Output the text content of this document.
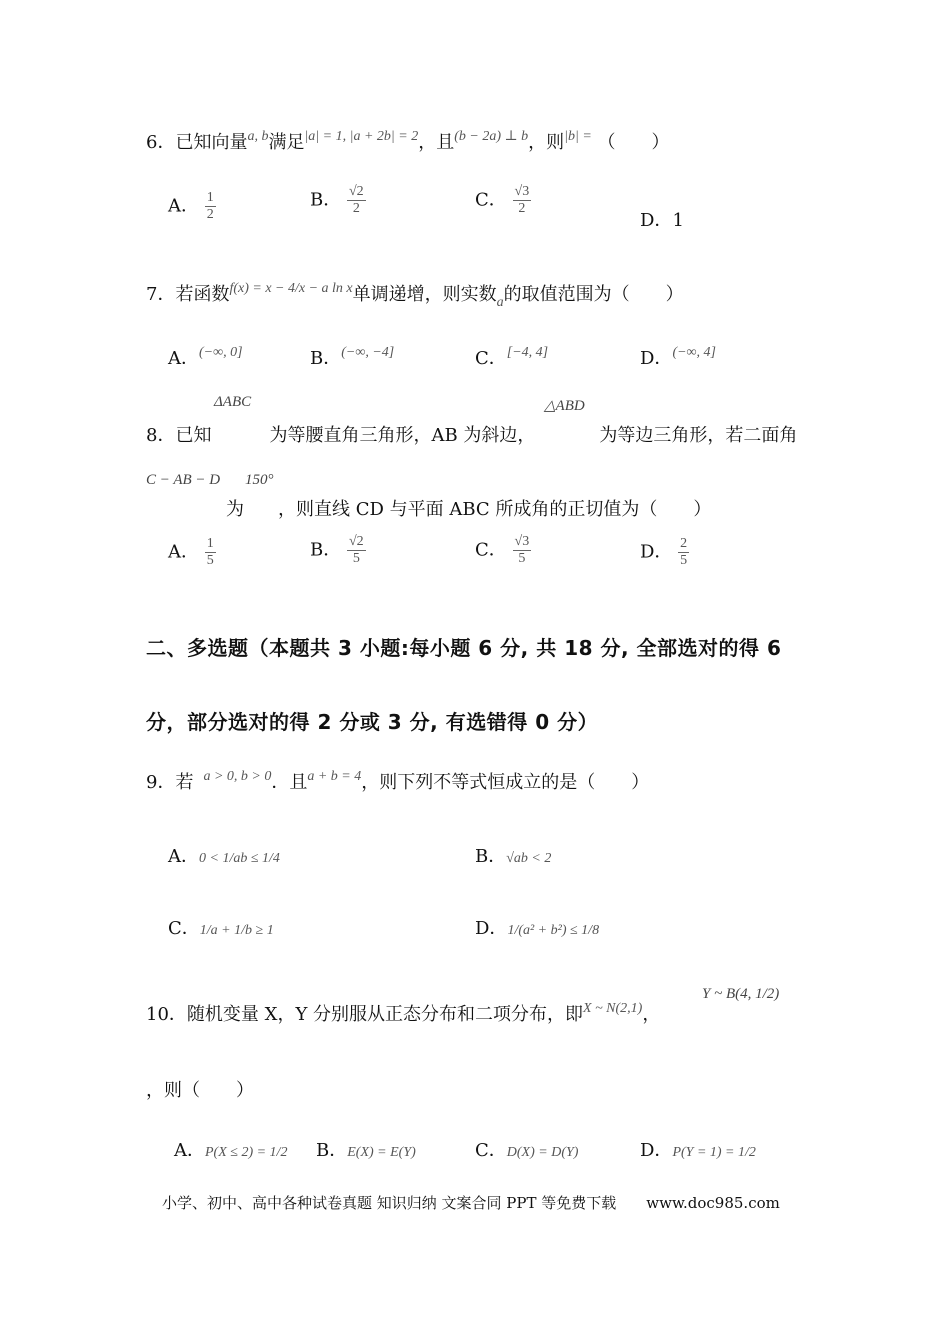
6．已知向量$^{a, b}$满足$^{|a| = 1, |a + 2b| = 2}$，且$^{(b - 2a) \perp b}$，则$^{|b| =}$ （　　）
A． $\frac{1}{2}$	B． $\frac{√2}{2}$	C． $\frac{√3}{2}$
D．1
7．若函数$^{f(x) = x - 4/x - a ln x}$单调递增，则实数$_a$的取值范围为（　　）
A．$^{(-\infty, 0]}$	B．$^{(-\infty, -4]}$	C．[−4, 4]	D．$^{(-\infty, 4]}$
ΔABC	△ABD
8．已知	为等腰直角三角形，AB 为斜边，	为等边三角形，若二面角
C − AB − D 150°
为 ，则直线 CD 与平面 ABC 所成角的正切值为（　　）
A． $\frac{1}{5}$	B． $\frac{√2}{5}$	C． $\frac{√3}{5}$	D． $\frac{2}{5}$
二、多选题（本题共 3 小题:每小题 6 分, 共 18 分, 全部选对的得 6
分，部分选对的得 2 分或 3 分, 有选错得 0 分）
9．若 $^{a > 0, b > 0}$．且$^{a + b = 4}$，则下列不等式恒成立的是（　　）
A．0 < 1/ab ≤ 1/4	B．√ab < 2
C．1/a + 1/b ≥ 1	D．1/(a² + b²) ≤ 1/8
10．随机变量 X，Y 分别服从正态分布和二项分布，即$^{X \sim N(2,1)}$，
Y ~ B(4, 1/2)
，则（　　）
A．P(X ≤ 2) = 1/2 B．E(X) = E(Y)	C．D(X) = D(Y)	D．P(Y = 1) = 1/2
小学、初中、高中各种试卷真题 知识归纳 文案合同 PPT 等免费下载 www.doc985.com
